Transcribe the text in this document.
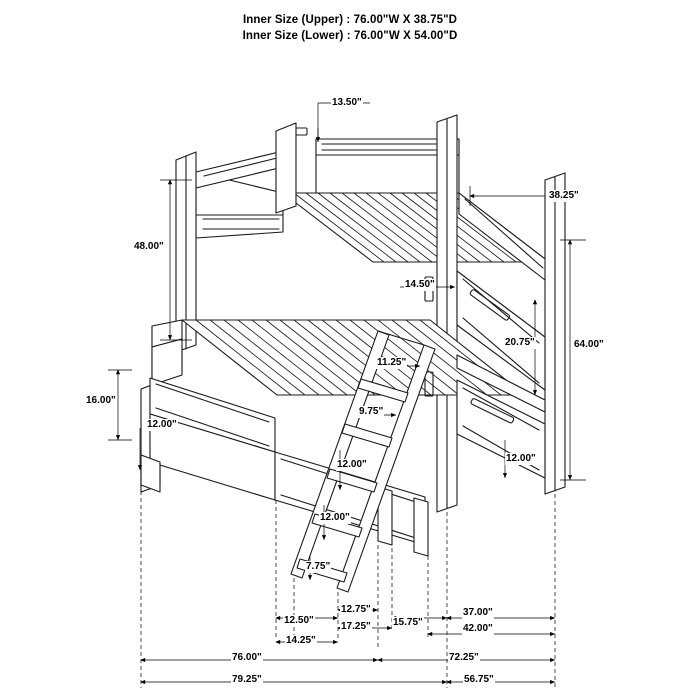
Inner Size (Upper) : 76.00"W X 38.75"D
Inner Size (Lower) : 76.00"W X 54.00"D
13.50"
38.25"
48.00"
14.50"
64.00"
20.75"
11.25"
9.75"
16.00"
12.00"
12.00"
12.00"
12.00"
7.75"
12.50"
12.75"
17.25" 15.75"
37.00"
42.00"
14.25"
76.00"	72.25"
79.25"	56.75"
